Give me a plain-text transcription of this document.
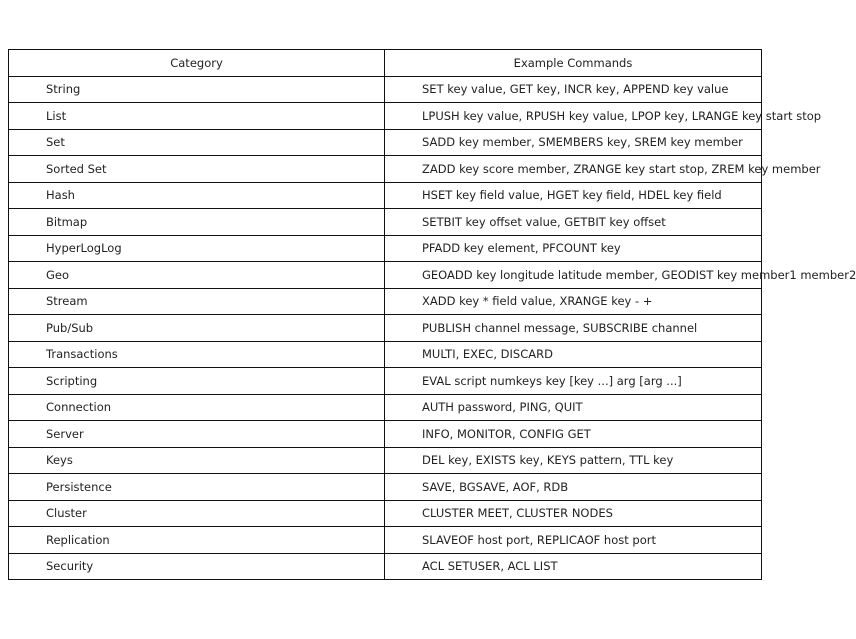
Category	Example Commands
String	SET key value, GET key, INCR key, APPEND key value
List	LPUSH key value, RPUSH key value, LPOP key, LRANGE key start stop
Set	SADD key member, SMEMBERS key, SREM key member
Sorted Set	ZADD key score member, ZRANGE key start stop, ZREM key member
Hash	HSET key field value, HGET key field, HDEL key field
Bitmap	SETBIT key offset value, GETBIT key offset
HyperLogLog	PFADD key element, PFCOUNT key
Geo	GEOADD key longitude latitude member, GEODIST key member1 member2
Stream	XADD key * field value, XRANGE key - +
Pub/Sub	PUBLISH channel message, SUBSCRIBE channel
Transactions	MULTI, EXEC, DISCARD
Scripting	EVAL script numkeys key [key ...] arg [arg ...]
Connection	AUTH password, PING, QUIT
Server	INFO, MONITOR, CONFIG GET
Keys	DEL key, EXISTS key, KEYS pattern, TTL key
Persistence	SAVE, BGSAVE, AOF, RDB
Cluster	CLUSTER MEET, CLUSTER NODES
Replication	SLAVEOF host port, REPLICAOF host port
Security	ACL SETUSER, ACL LIST
